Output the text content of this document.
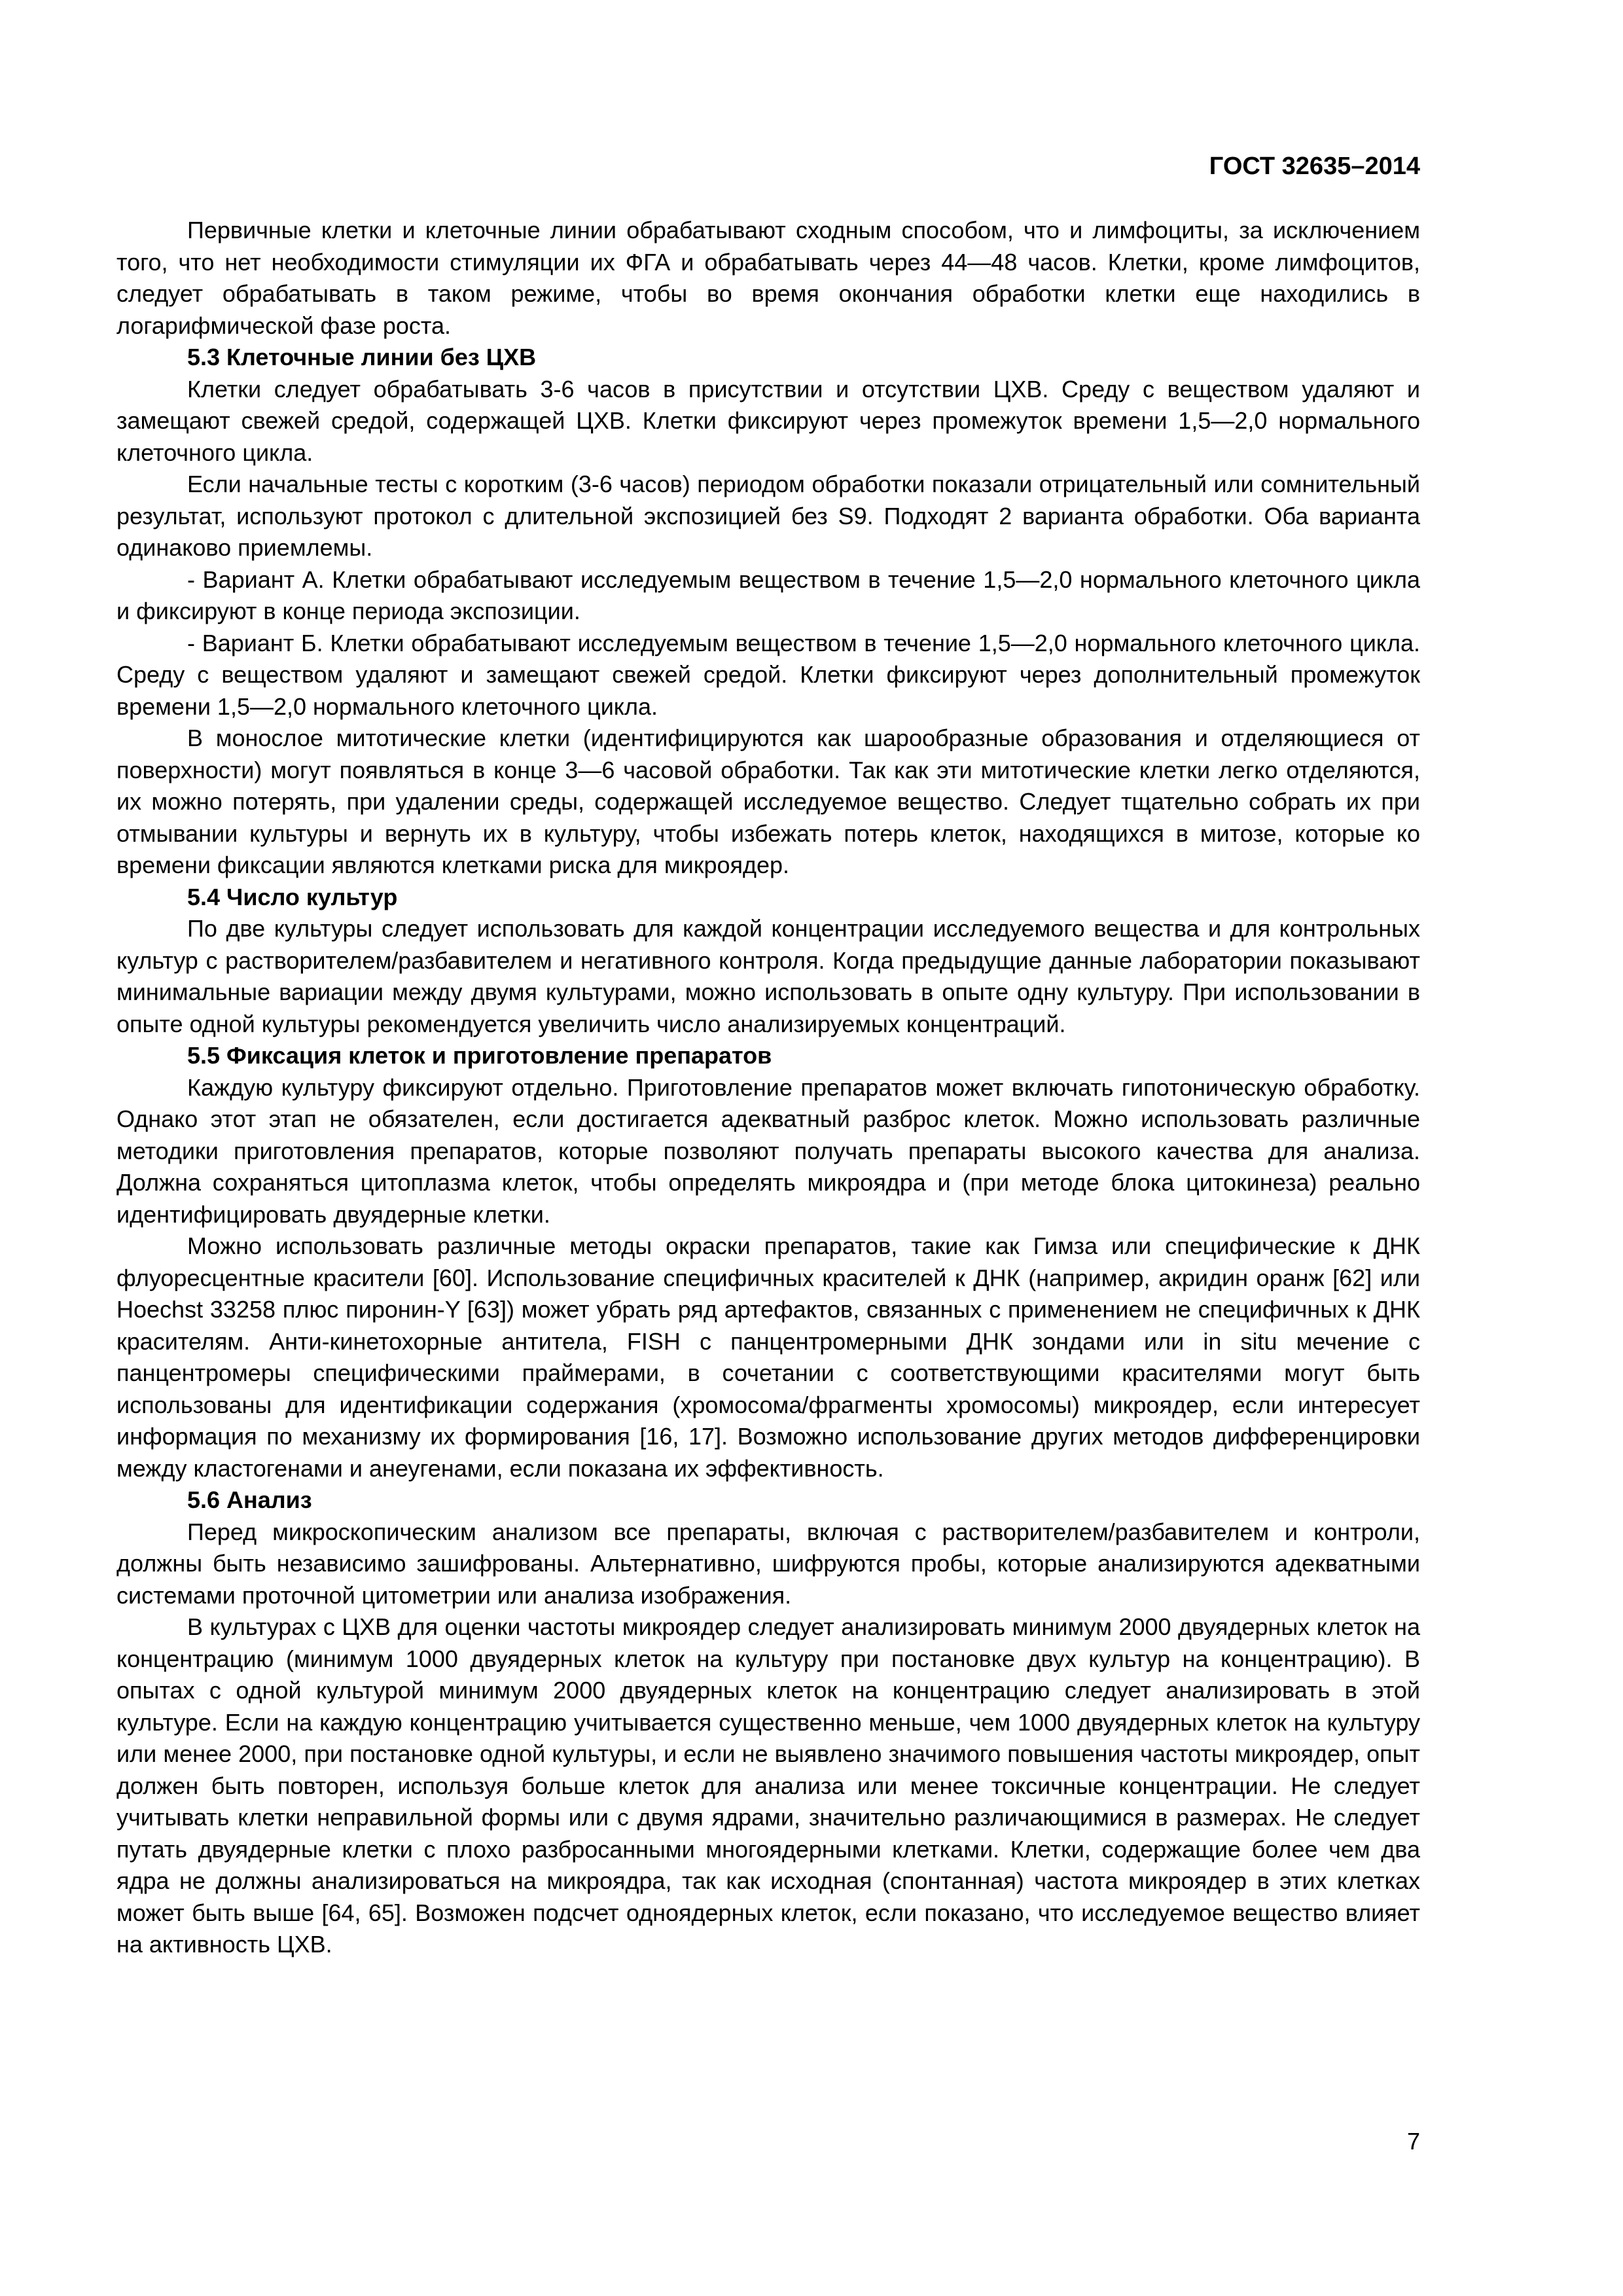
ГОСТ 32635–2014

Первичные клетки и клеточные линии обрабатывают сходным способом, что и лимфоциты, за исключением того, что нет необходимости стимуляции их ФГА и обрабатывать через 44—48 часов. Клетки, кроме лимфоцитов, следует обрабатывать в таком режиме, чтобы во время окончания обработки клетки еще находились в логарифмической фазе роста.

5.3 Клеточные линии без ЦХВ

Клетки следует обрабатывать 3-6 часов в присутствии и отсутствии ЦХВ. Среду с веществом удаляют и замещают свежей средой, содержащей ЦХВ. Клетки фиксируют через промежуток времени 1,5—2,0 нормального клеточного цикла.

Если начальные тесты с коротким (3-6 часов) периодом обработки показали отрицательный или сомнительный результат, используют протокол с длительной экспозицией без S9. Подходят 2 варианта обработки. Оба варианта одинаково приемлемы.

- Вариант А. Клетки обрабатывают исследуемым веществом в течение 1,5—2,0 нормального клеточного цикла и фиксируют в конце периода экспозиции.

- Вариант Б. Клетки обрабатывают исследуемым веществом в течение 1,5—2,0 нормального клеточного цикла. Среду с веществом удаляют и замещают свежей средой. Клетки фиксируют через дополнительный промежуток времени 1,5—2,0 нормального клеточного цикла.

В монослое митотические клетки (идентифицируются как шарообразные образования и отделяющиеся от поверхности) могут появляться в конце 3—6 часовой обработки. Так как эти митотические клетки легко отделяются, их можно потерять, при удалении среды, содержащей исследуемое вещество. Следует тщательно собрать их при отмывании культуры и вернуть их в культуру, чтобы избежать потерь клеток, находящихся в митозе, которые ко времени фиксации являются клетками риска для микроядер.

5.4 Число культур

По две культуры следует использовать для каждой концентрации исследуемого вещества и для контрольных культур с растворителем/разбавителем и негативного контроля. Когда предыдущие данные лаборатории показывают минимальные вариации между двумя культурами, можно использовать в опыте одну культуру. При использовании в опыте одной культуры рекомендуется увеличить число анализируемых концентраций.

5.5 Фиксация клеток и приготовление препаратов

Каждую культуру фиксируют отдельно. Приготовление препаратов может включать гипотоническую обработку. Однако этот этап не обязателен, если достигается адекватный разброс клеток. Можно использовать различные методики приготовления препаратов, которые позволяют получать препараты высокого качества для анализа. Должна сохраняться цитоплазма клеток, чтобы определять микроядра и (при методе блока цитокинеза) реально идентифицировать двуядерные клетки.

Можно использовать различные методы окраски препаратов, такие как Гимза или специфические к ДНК флуоресцентные красители [60]. Использование специфичных красителей к ДНК (например, акридин оранж [62] или Hoechst 33258 плюс пиронин-Y [63]) может убрать ряд артефактов, связанных с применением не специфичных к ДНК красителям. Анти-кинетохорные антитела, FISH с панцентромерными ДНК зондами или in situ мечение с панцентромеры специфическими праймерами, в сочетании с соответствующими красителями могут быть использованы для идентификации содержания (хромосома/фрагменты хромосомы) микроядер, если интересует информация по механизму их формирования [16, 17]. Возможно использование других методов дифференцировки между кластогенами и анеугенами, если показана их эффективность.

5.6 Анализ

Перед микроскопическим анализом все препараты, включая с растворителем/разбавителем и контроли, должны быть независимо зашифрованы. Альтернативно, шифруются пробы, которые анализируются адекватными системами проточной цитометрии или анализа изображения.

В культурах с ЦХВ для оценки частоты микроядер следует анализировать минимум 2000 двуядерных клеток на концентрацию (минимум 1000 двуядерных клеток на культуру при постановке двух культур на концентрацию). В опытах с одной культурой минимум 2000 двуядерных клеток на концентрацию следует анализировать в этой культуре. Если на каждую концентрацию учитывается существенно меньше, чем 1000 двуядерных клеток на культуру или менее 2000, при постановке одной культуры, и если не выявлено значимого повышения частоты микроядер, опыт должен быть повторен, используя больше клеток для анализа или менее токсичные концентрации. Не следует учитывать клетки неправильной формы или с двумя ядрами, значительно различающимися в размерах. Не следует путать двуядерные клетки с плохо разбросанными многоядерными клетками. Клетки, содержащие более чем два ядра не должны анализироваться на микроядра, так как исходная (спонтанная) частота микроядер в этих клетках может быть выше [64, 65]. Возможен подсчет одноядерных клеток, если показано, что исследуемое вещество влияет на активность ЦХВ.

7
